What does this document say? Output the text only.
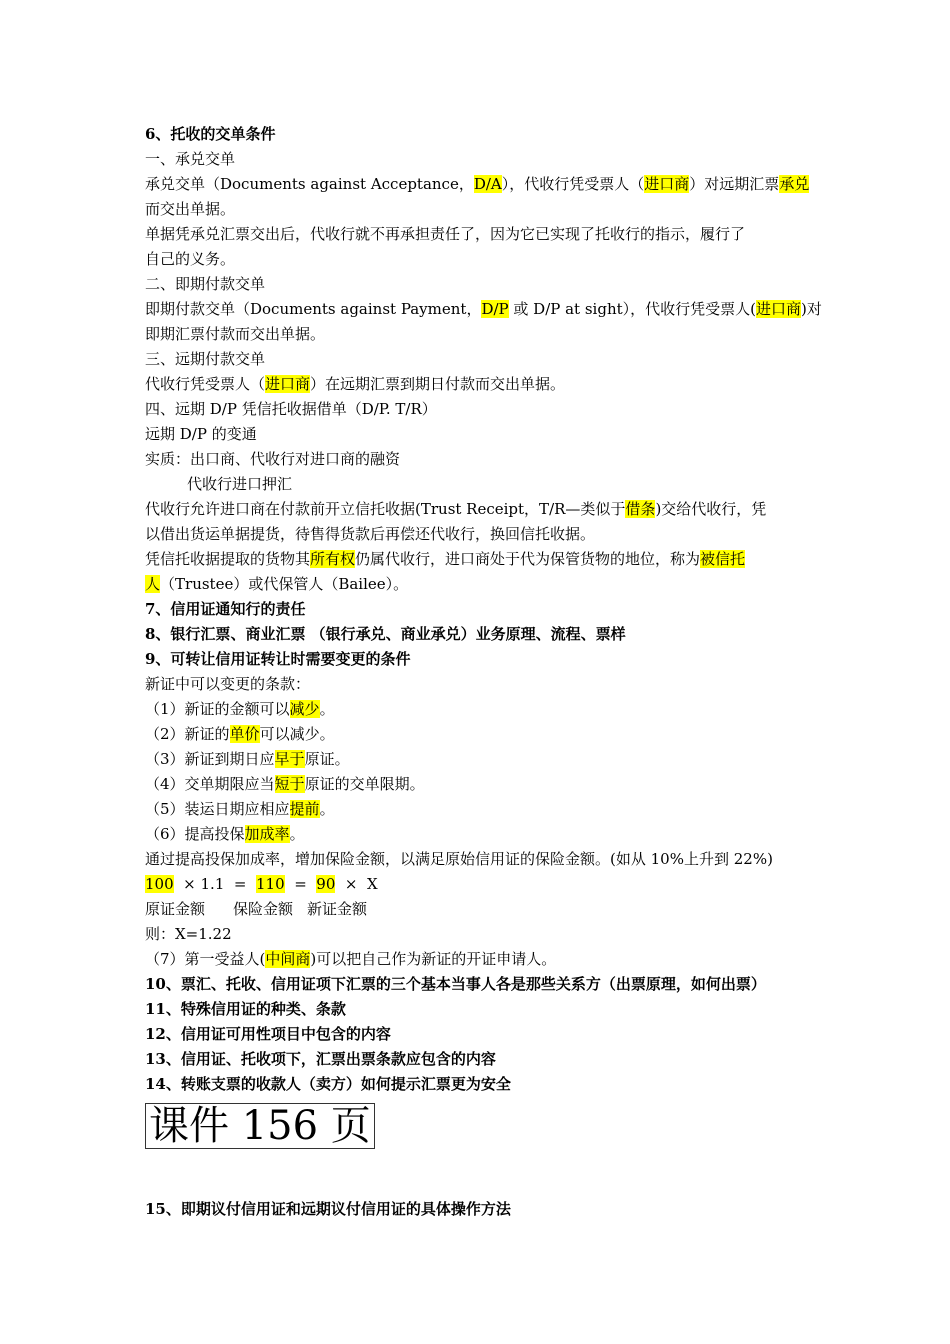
6、托收的交单条件
一、承兑交单
承兑交单（Documents against Acceptance，D/A），代收行凭受票人（进口商）对远期汇票承兑
而交出单据。
单据凭承兑汇票交出后，代收行就不再承担责任了，因为它已实现了托收行的指示，履行了
自己的义务。
二、即期付款交单
即期付款交单（Documents against Payment，D/P 或 D/P at sight），代收行凭受票人(进口商)对
即期汇票付款而交出单据。
三、远期付款交单
代收行凭受票人（进口商）在远期汇票到期日付款而交出单据。
四、远期 D/P 凭信托收据借单（D/P. T/R）
远期 D/P 的变通
实质：出口商、代收行对进口商的融资
代收行进口押汇
代收行允许进口商在付款前开立信托收据(Trust Receipt，T/R—类似于借条)交给代收行，凭
以借出货运单据提货，待售得货款后再偿还代收行，换回信托收据。
凭信托收据提取的货物其所有权仍属代收行，进口商处于代为保管货物的地位，称为被信托
人（Trustee）或代保管人（Bailee）。
7、信用证通知行的责任
8、银行汇票、商业汇票 （银行承兑、商业承兑）业务原理、流程、票样
9、可转让信用证转让时需要变更的条件
新证中可以变更的条款：
（1）新证的金额可以减少。
（2）新证的单价可以减少。
（3）新证到期日应早于原证。
（4）交单期限应当短于原证的交单限期。
（5）装运日期应相应提前。
（6）提高投保加成率。
通过提高投保加成率，增加保险金额，以满足原始信用证的保险金额。(如从 10%上升到 22%)
100  × 1.1  =  110  =  90  ×  X
原证金额 保险金额 新证金额
则：X=1.22
（7）第一受益人(中间商)可以把自己作为新证的开证申请人。
10、票汇、托收、信用证项下汇票的三个基本当事人各是那些关系方（出票原理，如何出票）
11、特殊信用证的种类、条款
12、信用证可用性项目中包含的内容
13、信用证、托收项下，汇票出票条款应包含的内容
14、转账支票的收款人（卖方）如何提示汇票更为安全
课件 156 页
15、即期议付信用证和远期议付信用证的具体操作方法
